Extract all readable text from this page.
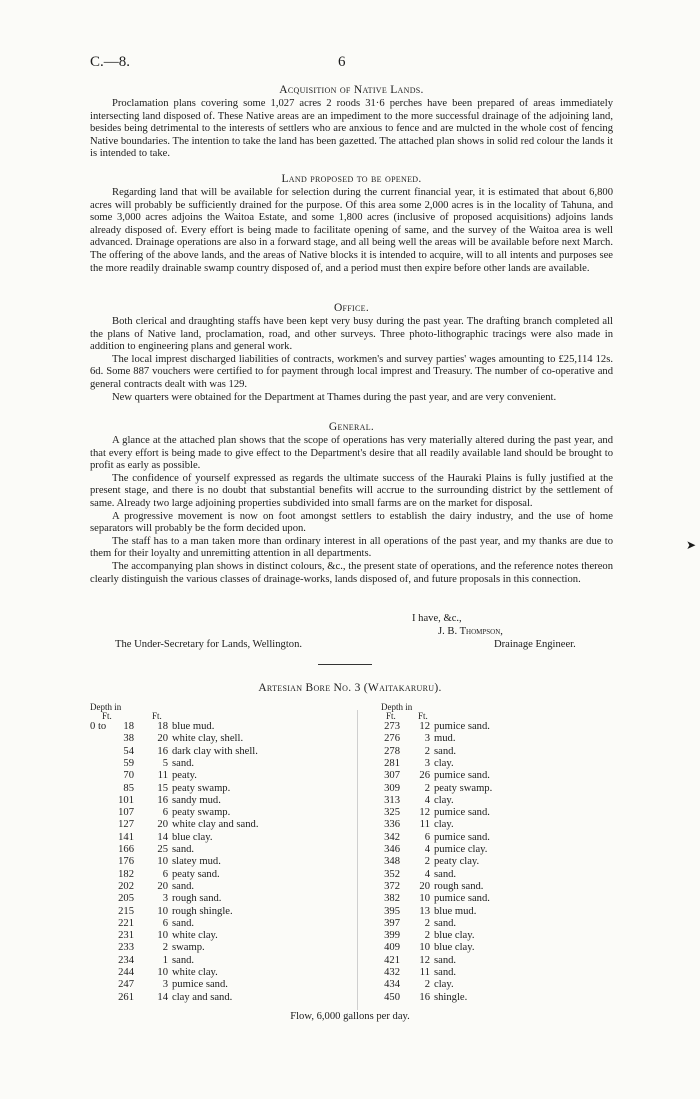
C.—8.	6
Acquisition of Native Lands.

Proclamation plans covering some 1,027 acres 2 roods 31·6 perches have been prepared of areas immediately intersecting land disposed of. These Native areas are an impediment to the more successful drainage of the adjoining land, besides being detrimental to the interests of settlers who are anxious to fence and are mulcted in the whole cost of fencing Native boundaries. The intention to take the land has been gazetted. The attached plan shows in solid red colour the lands it is intended to take.

Land proposed to be opened.

Regarding land that will be available for selection during the current financial year, it is estimated that about 6,800 acres will probably be sufficiently drained for the purpose. Of this area some 2,000 acres is in the locality of Tahuna, and some 3,000 acres adjoins the Waitoa Estate, and some 1,800 acres (inclusive of proposed acquisitions) adjoins lands already disposed of. Every effort is being made to facilitate opening of same, and the survey of the Waitoa area is well advanced. Drainage operations are also in a forward stage, and all being well the areas will be available before next March. The offering of the above lands, and the areas of Native blocks it is intended to acquire, will to all intents and purposes see the more readily drainable swamp country disposed of, and a period must then expire before other lands are available.

Office.

Both clerical and draughting staffs have been kept very busy during the past year. The drafting branch completed all the plans of Native land, proclamation, road, and other surveys. Three photo-lithographic tracings were also made in addition to engineering plans and general work.

The local imprest discharged liabilities of contracts, workmen's and survey parties' wages amounting to £25,114 12s. 6d. Some 887 vouchers were certified to for payment through local imprest and Treasury. The number of co-operative and general contracts dealt with was 129.

New quarters were obtained for the Department at Thames during the past year, and are very convenient.

General.

A glance at the attached plan shows that the scope of operations has very materially altered during the past year, and that every effort is being made to give effect to the Department's desire that all readily available land should be brought to profit as early as possible.

The confidence of yourself expressed as regards the ultimate success of the Hauraki Plains is fully justified at the present stage, and there is no doubt that substantial benefits will accrue to the surrounding district by the settlement of same. Already two large adjoining properties subdivided into small farms are on the market for disposal.

A progressive movement is now on foot amongst settlers to establish the dairy industry, and the use of home separators will probably be the form decided upon.

The staff has to a man taken more than ordinary interest in all operations of the past year, and my thanks are due to them for their loyalty and unremitting attention in all departments.

The accompanying plan shows in distinct colours, &c., the present state of operations, and the reference notes thereon clearly distinguish the various classes of drainage-works, lands disposed of, and future proposals in this connection.

I have, &c.,
J. B. Thompson,
Drainage Engineer.
The Under-Secretary for Lands, Wellington.
Artesian Bore No. 3 (Waitakaruru).
Depth in
Ft.	Ft.
Depth in
Ft. Ft.
0 to	18	18 blue mud.
38	20 white clay, shell.
54	16 dark clay with shell.
59	5 sand.
70	11 peaty.
85	15 peaty swamp.
101	16 sandy mud.
107	6 peaty swamp.
127	20 white clay and sand.
141	14 blue clay.
166	25 sand.
176	10 slatey mud.
182	6 peaty sand.
202	20 sand.
205	3 rough sand.
215	10 rough shingle.
221	6 sand.
231	10 white clay.
233	2 swamp.
234	1 sand.
244	10 white clay.
247	3 pumice sand.
261	14 clay and sand.
273	12 pumice sand.
276	3 mud.
278	2 sand.
281	3 clay.
307	26 pumice sand.
309	2 peaty swamp.
313	4 clay.
325	12 pumice sand.
336	11 clay.
342	6 pumice sand.
346	4 pumice clay.
348	2 peaty clay.
352	4 sand.
372	20 rough sand.
382	10 pumice sand.
395	13 blue mud.
397	2 sand.
399	2 blue clay.
409	10 blue clay.
421	12 sand.
432	11 sand.
434	2 clay.
450	16 shingle.
Flow, 6,000 gallons per day.
➤
